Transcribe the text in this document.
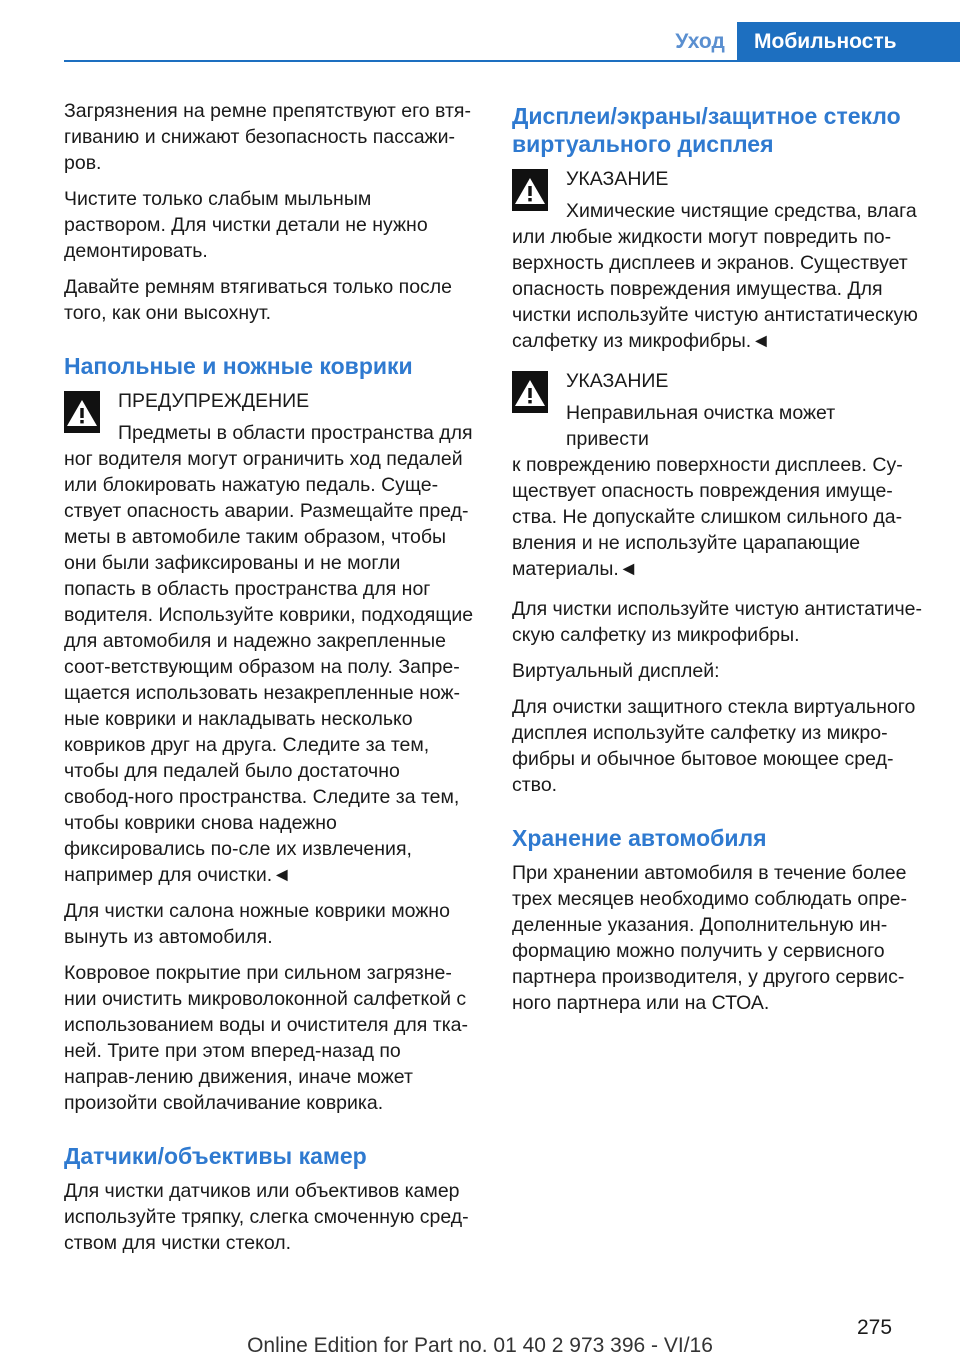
Уход	Мобильность

Загрязнения на ремне препятствуют его втя-гиванию и снижают безопасность пассажи-ров.

Чистите только слабым мыльным раствором. Для чистки детали не нужно демонтировать.

Давайте ремням втягиваться только после того, как они высохнут.

Напольные и ножные коврики
ПРЕДУПРЕЖДЕНИЕ
Предметы в области пространства для

ног водителя могут ограничить ход педалей или блокировать нажатую педаль. Суще-ствует опасность аварии. Размещайте пред-меты в автомобиле таким образом, чтобы они были зафиксированы и не могли попасть в область пространства для ног водителя. Используйте коврики, подходящие для автомобиля и надежно закрепленные соот-ветствующим образом на полу. Запре-щается использовать незакрепленные нож-ные коврики и накладывать несколько ковриков друг на друга. Следите за тем, чтобы для педалей было достаточно свобод-ного пространства. Следите за тем, чтобы коврики снова надежно фиксировались по-сле их извлечения, например для очистки.◄

Для чистки салона ножные коврики можно вынуть из автомобиля.

Ковровое покрытие при сильном загрязне-нии очистить микроволоконной салфеткой с использованием воды и очистителя для тка-ней. Трите при этом вперед-назад по направ-лению движения, иначе может произойти свойлачивание коврика.

Датчики/объективы камер

Для чистки датчиков или объективов камер используйте тряпку, слегка смоченную сред-ством для чистки стекол.

Дисплеи/экраны/защитное стекло виртуального дисплея
УКАЗАНИЕ
Химические чистящие средства, влага

или любые жидкости могут повредить по-верхность дисплеев и экранов. Существует опасность повреждения имущества. Для чистки используйте чистую антистатическую салфетку из микрофибры.◄

УКАЗАНИЕ
Неправильная очистка может привести

к повреждению поверхности дисплеев. Су-ществует опасность повреждения имуще-ства. Не допускайте слишком сильного да-вления и не используйте царапающие материалы.◄

Для чистки используйте чистую антистатиче-скую салфетку из микрофибры.

Виртуальный дисплей:

Для очистки защитного стекла виртуального дисплея используйте салфетку из микро-фибры и обычное бытовое моющее сред-ство.

Хранение автомобиля

При хранении автомобиля в течение более трех месяцев необходимо соблюдать опре-деленные указания. Дополнительную ин-формацию можно получить у сервисного партнера производителя, у другого сервис-ного партнера или на СТОА.

275
Online Edition for Part no. 01 40 2 973 396 - VI/16
